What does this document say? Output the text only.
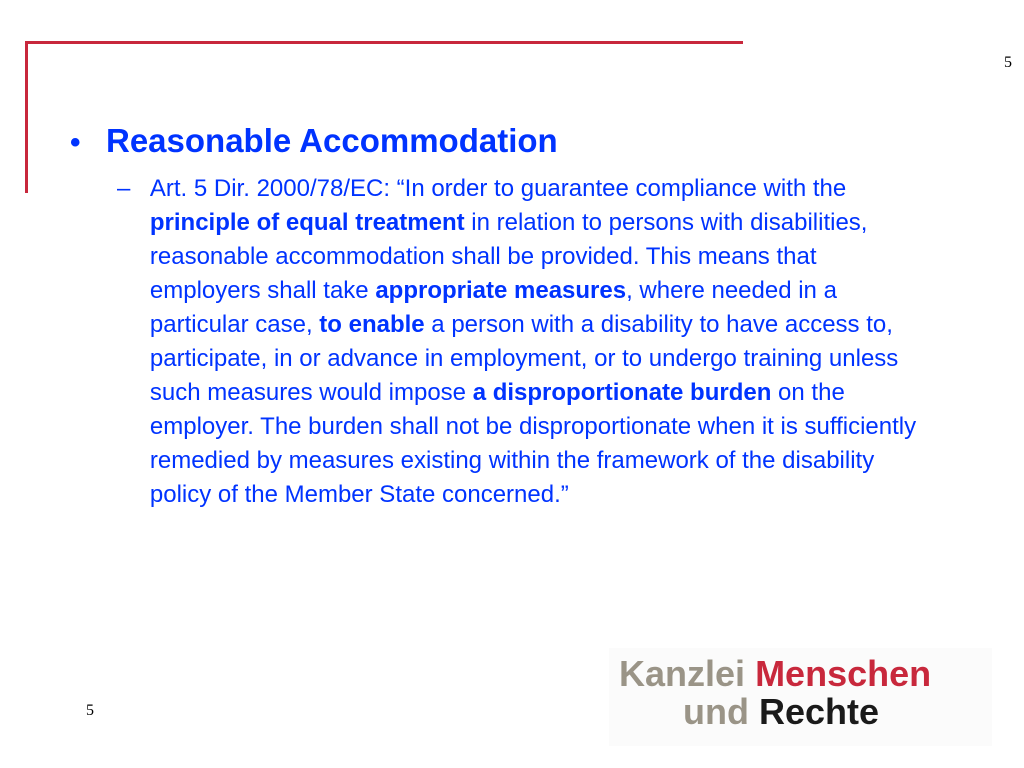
5
• Reasonable Accommodation
– Art. 5 Dir. 2000/78/EC: “In order to guarantee compliance with the principle of equal treatment in relation to persons with disabilities, reasonable accommodation shall be provided. This means that employers shall take appropriate measures, where needed in a particular case, to enable a person with a disability to have access to, participate, in or advance in employment, or to undergo training unless such measures would impose a disproportionate burden on the employer. The burden shall not be disproportionate when it is sufficiently remedied by measures existing within the framework of the disability policy of the Member State concerned.”

5
Kanzlei Menschen
und Rechte
